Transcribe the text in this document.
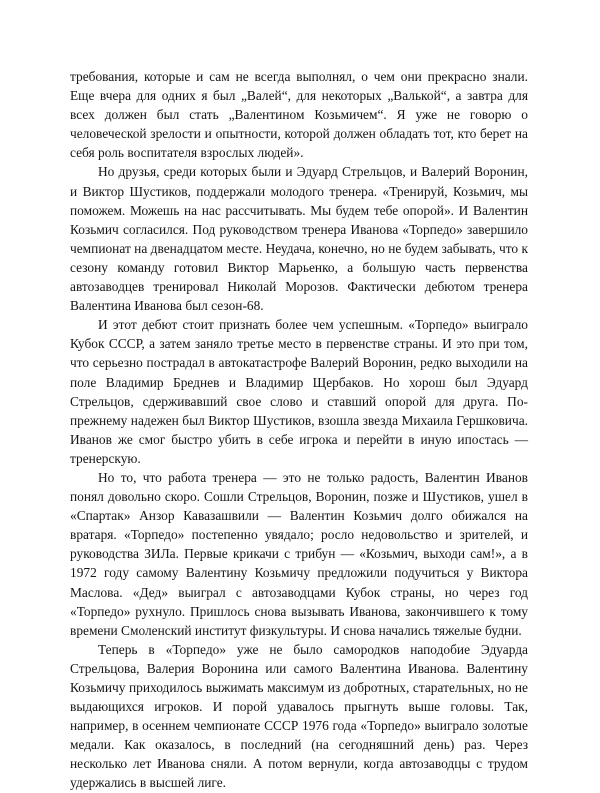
требования, которые и сам не всегда выполнял, о чем они прекрасно знали. Еще вчера для одних я был „Валей“, для некоторых „Валькой“, а завтра для всех должен был стать „Валентином Козьмичем“. Я уже не говорю о человеческой зрелости и опытности, которой должен обладать тот, кто берет на себя роль воспитателя взрослых людей».

Но друзья, среди которых были и Эдуард Стрельцов, и Валерий Воронин, и Виктор Шустиков, поддержали молодого тренера. «Тренируй, Козьмич, мы поможем. Можешь на нас рассчитывать. Мы будем тебе опорой». И Валентин Козьмич согласился. Под руководством тренера Иванова «Торпедо» завершило чемпионат на двенадцатом месте. Неудача, конечно, но не будем забывать, что к сезону команду готовил Виктор Марьенко, а большую часть первенства автозаводцев тренировал Николай Морозов. Фактически дебютом тренера Валентина Иванова был сезон-68.

И этот дебют стоит признать более чем успешным. «Торпедо» выиграло Кубок СССР, а затем заняло третье место в первенстве страны. И это при том, что серьезно пострадал в автокатастрофе Валерий Воронин, редко выходили на поле Владимир Бреднев и Владимир Щербаков. Но хорош был Эдуард Стрельцов, сдерживавший свое слово и ставший опорой для друга. По-прежнему надежен был Виктор Шустиков, взошла звезда Михаила Гершковича. Иванов же смог быстро убить в себе игрока и перейти в иную ипостась — тренерскую.

Но то, что работа тренера — это не только радость, Валентин Иванов понял довольно скоро. Сошли Стрельцов, Воронин, позже и Шустиков, ушел в «Спартак» Анзор Кавазашвили — Валентин Козьмич долго обижался на вратаря. «Торпедо» постепенно увядало; росло недовольство и зрителей, и руководства ЗИЛа. Первые крикачи с трибун — «Козьмич, выходи сам!», а в 1972 году самому Валентину Козьмичу предложили подучиться у Виктора Маслова. «Дед» выиграл с автозаводцами Кубок страны, но через год «Торпедо» рухнуло. Пришлось снова вызывать Иванова, закончившего к тому времени Смоленский институт физкультуры. И снова начались тяжелые будни.

Теперь в «Торпедо» уже не было самородков наподобие Эдуарда Стрельцова, Валерия Воронина или самого Валентина Иванова. Валентину Козьмичу приходилось выжимать максимум из добротных, старательных, но не выдающихся игроков. И порой удавалось прыгнуть выше головы. Так, например, в осеннем чемпионате СССР 1976 года «Торпедо» выиграло золотые медали. Как оказалось, в последний (на сегодняшний день) раз. Через несколько лет Иванова сняли. А потом вернули, когда автозаводцы с трудом удержались в высшей лиге.
